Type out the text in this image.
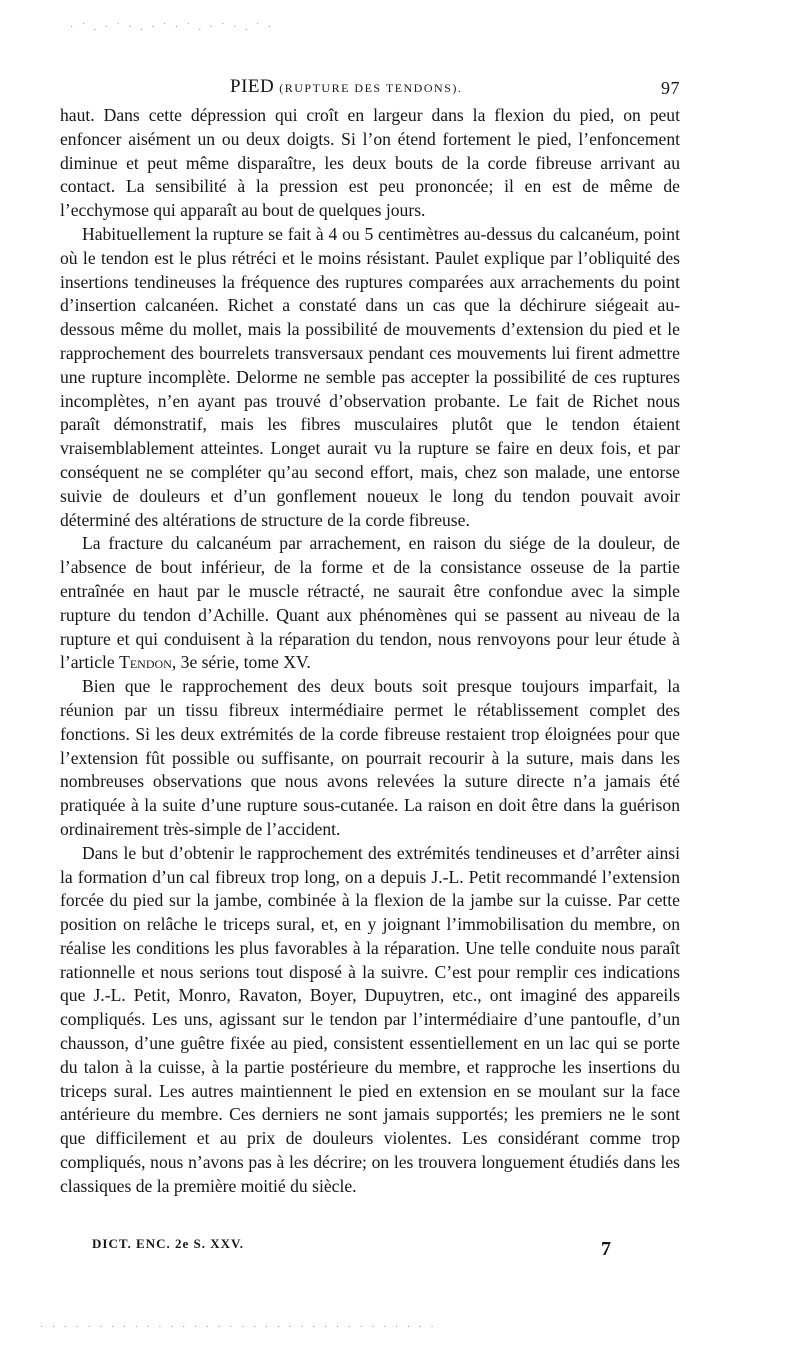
· ˙ . · ˙ · . · ˙ · ˙ . · ˙ · . ˙ ·
PIED (RUPTURE DES TENDONS).	97

haut. Dans cette dépression qui croît en largeur dans la flexion du pied, on peut enfoncer aisément un ou deux doigts. Si l’on étend fortement le pied, l’enfoncement diminue et peut même disparaître, les deux bouts de la corde fibreuse arrivant au contact. La sensibilité à la pression est peu prononcée; il en est de même de l’ecchymose qui apparaît au bout de quelques jours.

Habituellement la rupture se fait à 4 ou 5 centimètres au-dessus du calcanéum, point où le tendon est le plus rétréci et le moins résistant. Paulet explique par l’obliquité des insertions tendineuses la fréquence des ruptures comparées aux arrachements du point d’insertion calcanéen. Richet a constaté dans un cas que la déchirure siégeait au-dessous même du mollet, mais la possibilité de mouvements d’extension du pied et le rapprochement des bourrelets transversaux pendant ces mouvements lui firent admettre une rupture incomplète. Delorme ne semble pas accepter la possibilité de ces ruptures incomplètes, n’en ayant pas trouvé d’observation probante. Le fait de Richet nous paraît démonstratif, mais les fibres musculaires plutôt que le tendon étaient vraisemblablement atteintes. Longet aurait vu la rupture se faire en deux fois, et par conséquent ne se compléter qu’au second effort, mais, chez son malade, une entorse suivie de douleurs et d’un gonflement noueux le long du tendon pouvait avoir déterminé des altérations de structure de la corde fibreuse.

La fracture du calcanéum par arrachement, en raison du siége de la douleur, de l’absence de bout inférieur, de la forme et de la consistance osseuse de la partie entraînée en haut par le muscle rétracté, ne saurait être confondue avec la simple rupture du tendon d’Achille. Quant aux phénomènes qui se passent au niveau de la rupture et qui conduisent à la réparation du tendon, nous renvoyons pour leur étude à l’article Tendon, 3e série, tome XV.

Bien que le rapprochement des deux bouts soit presque toujours imparfait, la réunion par un tissu fibreux intermédiaire permet le rétablissement complet des fonctions. Si les deux extrémités de la corde fibreuse restaient trop éloignées pour que l’extension fût possible ou suffisante, on pourrait recourir à la suture, mais dans les nombreuses observations que nous avons relevées la suture directe n’a jamais été pratiquée à la suite d’une rupture sous-cutanée. La raison en doit être dans la guérison ordinairement très-simple de l’accident.

Dans le but d’obtenir le rapprochement des extrémités tendineuses et d’arrêter ainsi la formation d’un cal fibreux trop long, on a depuis J.-L. Petit recommandé l’extension forcée du pied sur la jambe, combinée à la flexion de la jambe sur la cuisse. Par cette position on relâche le triceps sural, et, en y joignant l’immobilisation du membre, on réalise les conditions les plus favorables à la réparation. Une telle conduite nous paraît rationnelle et nous serions tout disposé à la suivre. C’est pour remplir ces indications que J.-L. Petit, Monro, Ravaton, Boyer, Dupuytren, etc., ont imaginé des appareils compliqués. Les uns, agissant sur le tendon par l’intermédiaire d’une pantoufle, d’un chausson, d’une guêtre fixée au pied, consistent essentiellement en un lac qui se porte du talon à la cuisse, à la partie postérieure du membre, et rapproche les insertions du triceps sural. Les autres maintiennent le pied en extension en se moulant sur la face antérieure du membre. Ces derniers ne sont jamais supportés; les premiers ne le sont que difficilement et au prix de douleurs violentes. Les considérant comme trop compliqués, nous n’avons pas à les décrire; on les trouvera longuement étudiés dans les classiques de la première moitié du siècle.

DICT. ENC. 2e S. XXV.	7
· · · · · · · · · · · · · · · · · · · · · · · · · · · · · · · · · ·
